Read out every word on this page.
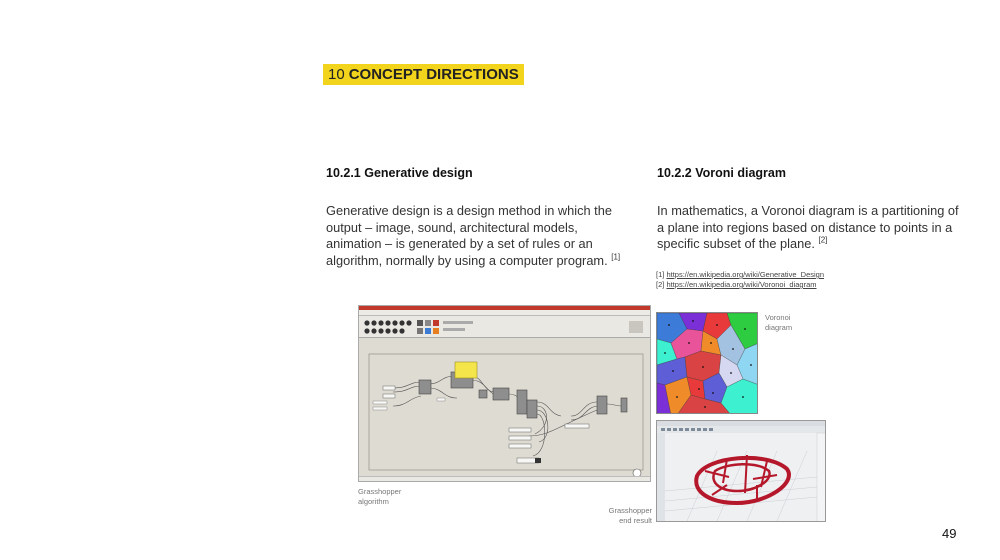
10 CONCEPT DIRECTIONS
10.2.1 Generative design
Generative design is a design method in which the
output – image, sound, architectural models,
animation – is generated by a set of rules or an
algorithm, normally by using a computer program. [1]
10.2.2 Voroni diagram
In mathematics, a Voronoi diagram is a partitioning of
a plane into regions based on distance to points in a
specific subset of the plane. [2]
[1] https://en.wikipedia.org/wiki/Generative_Design
[2] https://en.wikipedia.org/wiki/Voronoi_diagram
Grasshopper
algorithm
Voronoi
diagram
Grasshopper
end result
49
